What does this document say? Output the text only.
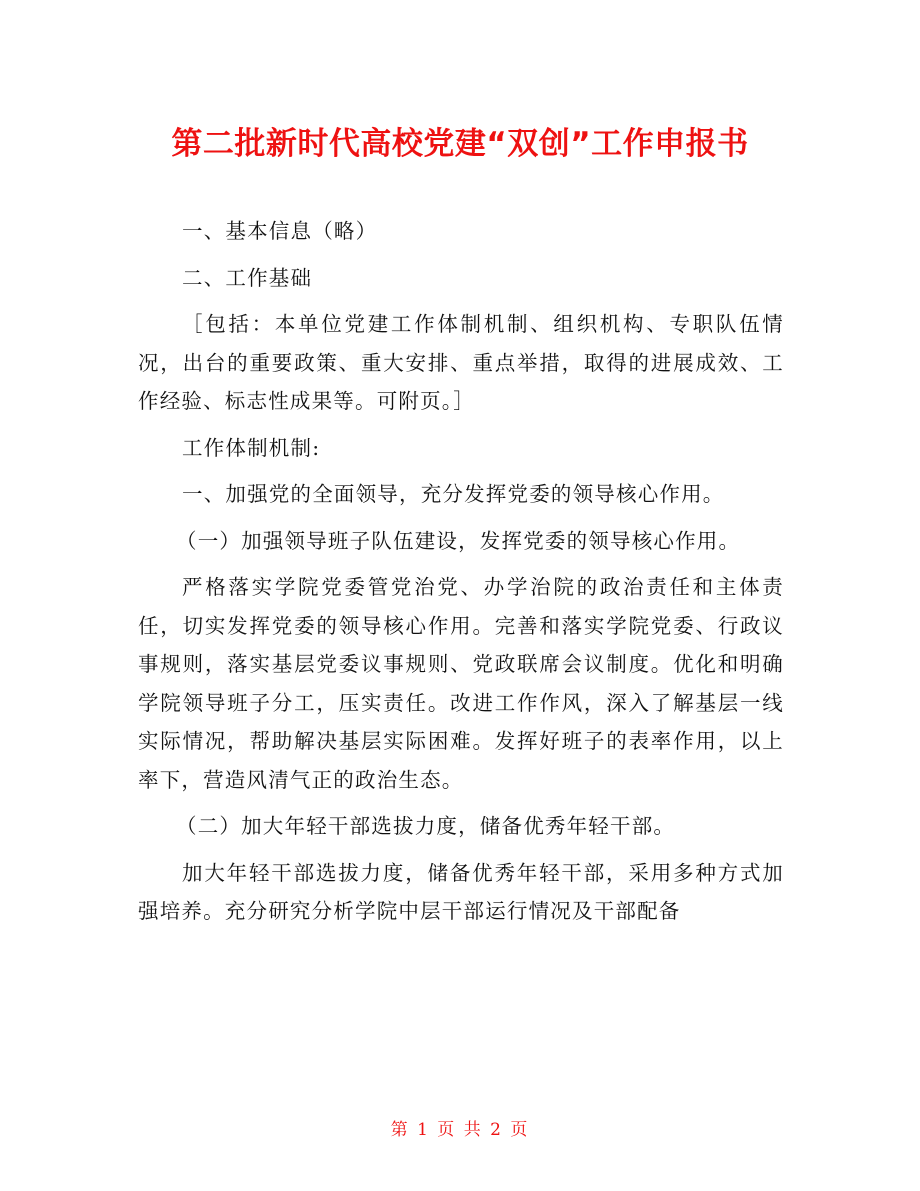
第二批新时代高校党建“双创”工作申报书

一、基本信息（略）

二、工作基础

［包括：本单位党建工作体制机制、组织机构、专职队伍情况，出台的重要政策、重大安排、重点举措，取得的进展成效、工作经验、标志性成果等。可附页。］

工作体制机制:

一、加强党的全面领导，充分发挥党委的领导核心作用。

（一）加强领导班子队伍建设，发挥党委的领导核心作用。

严格落实学院党委管党治党、办学治院的政治责任和主体责任，切实发挥党委的领导核心作用。完善和落实学院党委、行政议事规则，落实基层党委议事规则、党政联席会议制度。优化和明确学院领导班子分工，压实责任。改进工作作风，深入了解基层一线实际情况，帮助解决基层实际困难。发挥好班子的表率作用，以上率下，营造风清气正的政治生态。

（二）加大年轻干部选拔力度，储备优秀年轻干部。

加大年轻干部选拔力度，储备优秀年轻干部，采用多种方式加强培养。充分研究分析学院中层干部运行情况及干部配备

第 1 页 共 2 页
